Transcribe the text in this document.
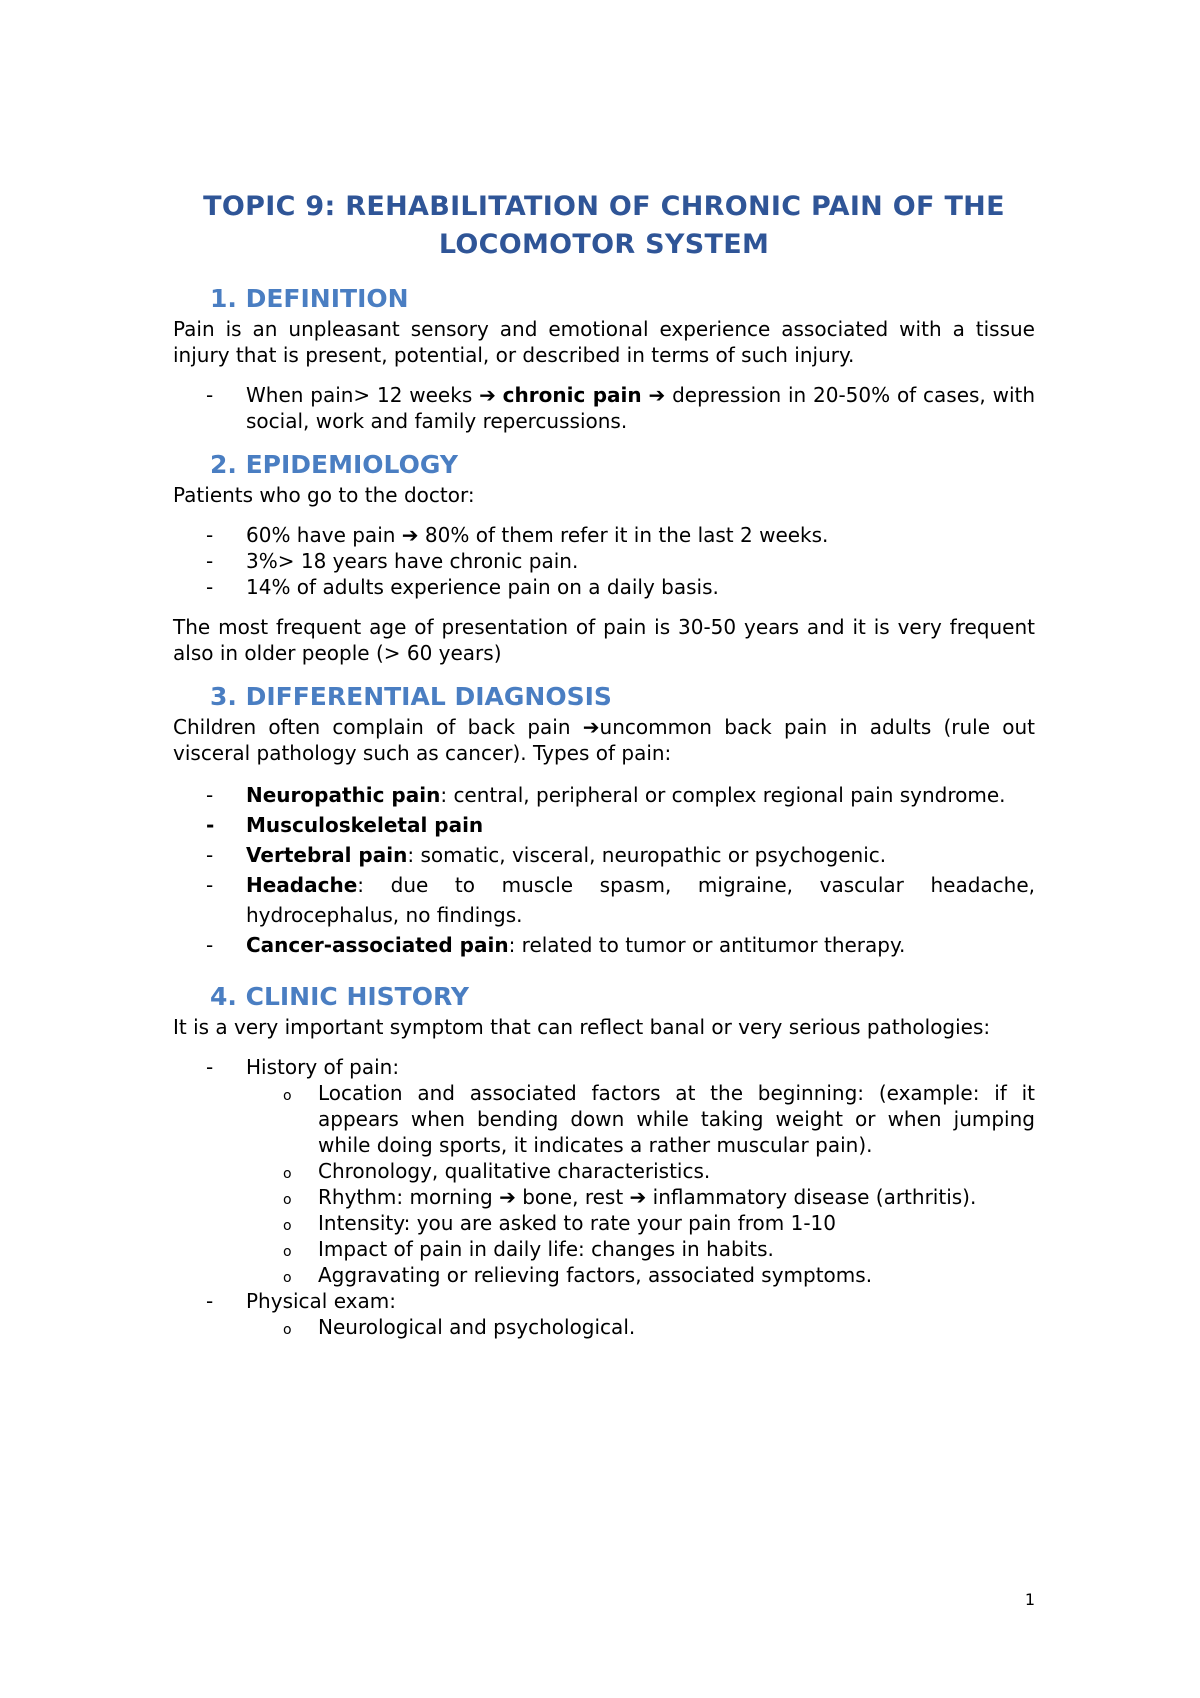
TOPIC 9: REHABILITATION OF CHRONIC PAIN OF THE LOCOMOTOR SYSTEM
1. DEFINITION

Pain is an unpleasant sensory and emotional experience associated with a tissue injury that is present, potential, or described in terms of such injury.

- When pain> 12 weeks ➔ chronic pain ➔ depression in 20-50% of cases, with social, work and family repercussions.
2. EPIDEMIOLOGY

Patients who go to the doctor:

- 60% have pain ➔ 80% of them refer it in the last 2 weeks.
- 3%> 18 years have chronic pain.
- 14% of adults experience pain on a daily basis.

The most frequent age of presentation of pain is 30-50 years and it is very frequent also in older people (> 60 years)

3. DIFFERENTIAL DIAGNOSIS

Children often complain of back pain ➔uncommon back pain in adults (rule out visceral pathology such as cancer). Types of pain:

- Neuropathic pain: central, peripheral or complex regional pain syndrome.
- Musculoskeletal pain
- Vertebral pain: somatic, visceral, neuropathic or psychogenic.
- Headache: due to muscle spasm, migraine, vascular headache, hydrocephalus, no findings.
- Cancer-associated pain: related to tumor or antitumor therapy.
4. CLINIC HISTORY

It is a very important symptom that can reflect banal or very serious pathologies:

- History of pain:
o Location and associated factors at the beginning: (example: if it appears when bending down while taking weight or when jumping while doing sports, it indicates a rather muscular pain).
o Chronology, qualitative characteristics.
o Rhythm: morning ➔ bone, rest ➔ inflammatory disease (arthritis).
o Intensity: you are asked to rate your pain from 1-10
o Impact of pain in daily life: changes in habits.
o Aggravating or relieving factors, associated symptoms.
- Physical exam:
o Neurological and psychological.
1
